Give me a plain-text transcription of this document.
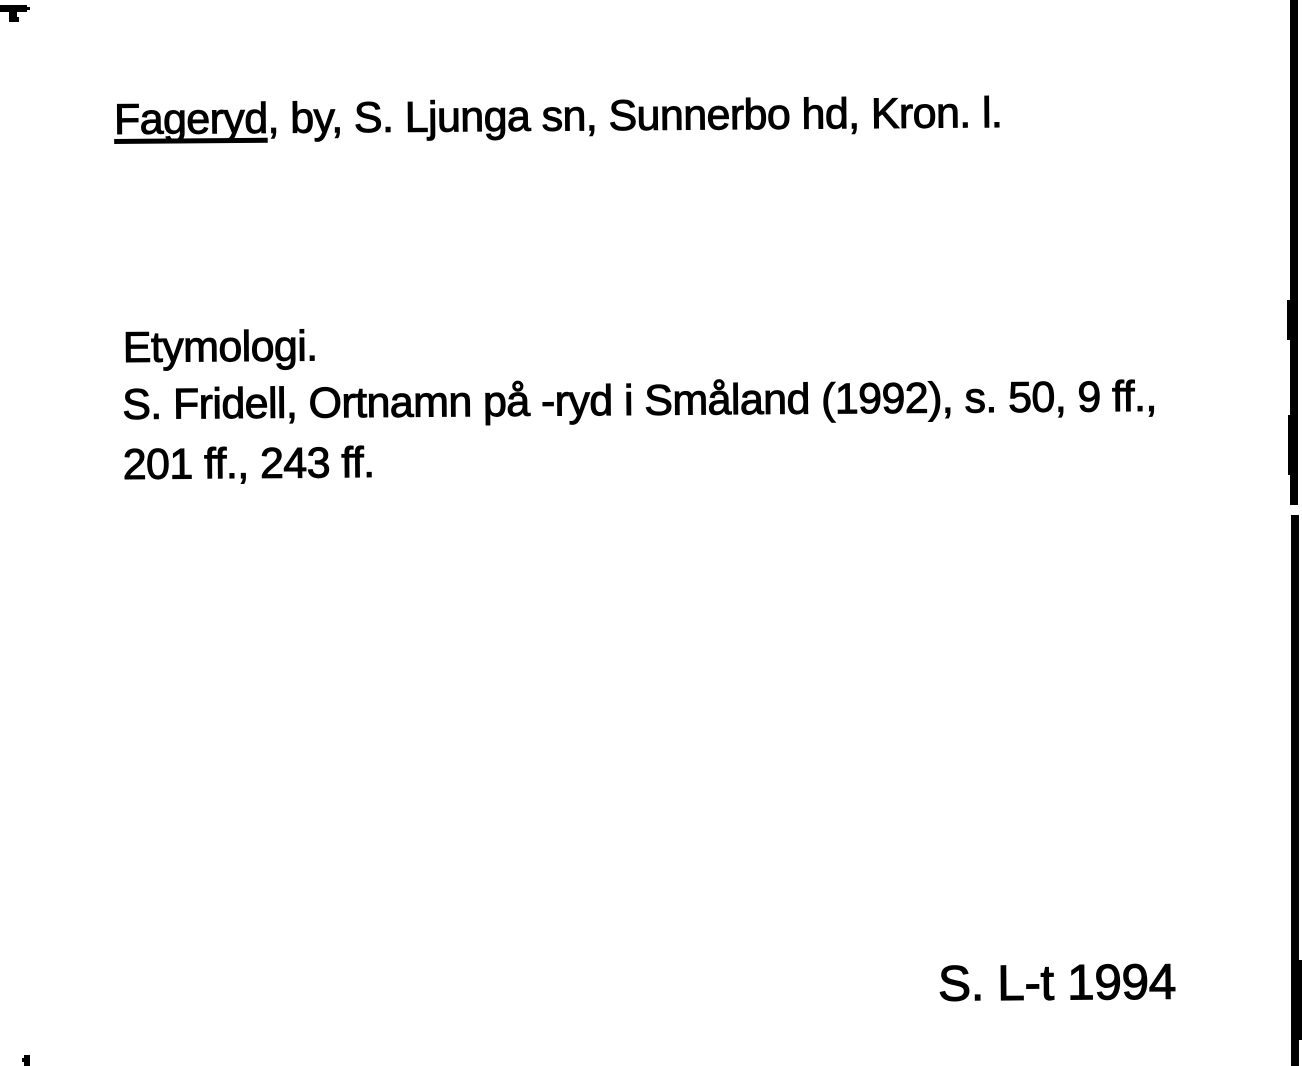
Fageryd, by, S. Ljunga sn, Sunnerbo hd, Kron. l.
Etymologi.
S. Fridell, Ortnamn på -ryd i Småland (1992), s. 50, 9 ff.,
201 ff., 243 ff.
S. L-t 1994
